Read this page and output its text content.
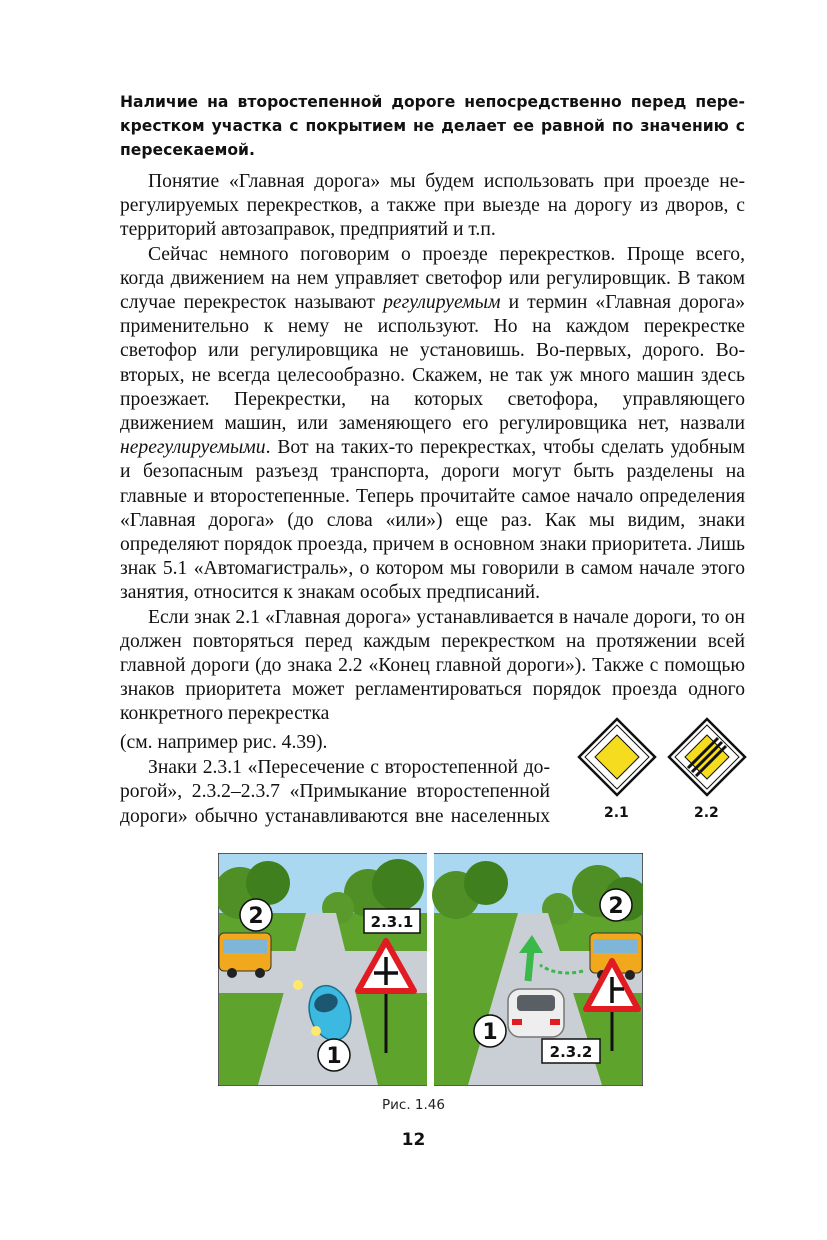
Наличие на второстепенной дороге непосредственно перед перекрестком участка с покрытием не делает ее равной по значению с пересекаемой.

Понятие «Главная дорога» мы будем использовать при проезде нерегулируемых перекрестков, а также при выезде на дорогу из дворов, с территорий автозаправок, предприятий и т.п.

Сейчас немного поговорим о проезде перекрестков. Проще всего, когда движением на нем управляет светофор или регулировщик. В таком случае перекресток называют регулируемым и термин «Главная дорога» применительно к нему не используют. Но на каждом перекрестке светофор или регулировщика не установишь. Во-первых, дорого. Во-вторых, не всегда целесообразно. Скажем, не так уж много машин здесь проезжает. Перекрестки, на которых светофора, управляющего движением машин, или заменяющего его регулировщика нет, назвали нерегулируемыми. Вот на таких-то перекрестках, чтобы сделать удобным и безопасным разъезд транспорта, дороги могут быть разделены на главные и второстепенные. Теперь прочитайте самое начало определения «Главная дорога» (до слова «или») еще раз. Как мы видим, знаки определяют порядок проезда, причем в основном знаки приоритета. Лишь знак 5.1 «Автомагистраль», о котором мы говорили в самом начале этого занятия, относится к знакам особых предписаний.

Если знак 2.1 «Главная дорога» устанавливается в начале дороги, то он должен повторяться перед каждым перекрестком на протяжении всей главной дороги (до знака 2.2 «Конец главной дороги»). Также с помощью знаков приоритета может регламентироваться порядок проезда одного конкретного перекрестка

(см. например рис. 4.39).

Знаки 2.3.1 «Пересечение с второстепенной дорогой», 2.3.2–2.3.7 «Примыкание второстепенной дороги» обычно устанавливаются вне населенных	2.1	2.2
2
1
2.3.1
2
1
2.3.2
Рис. 1.46
12
